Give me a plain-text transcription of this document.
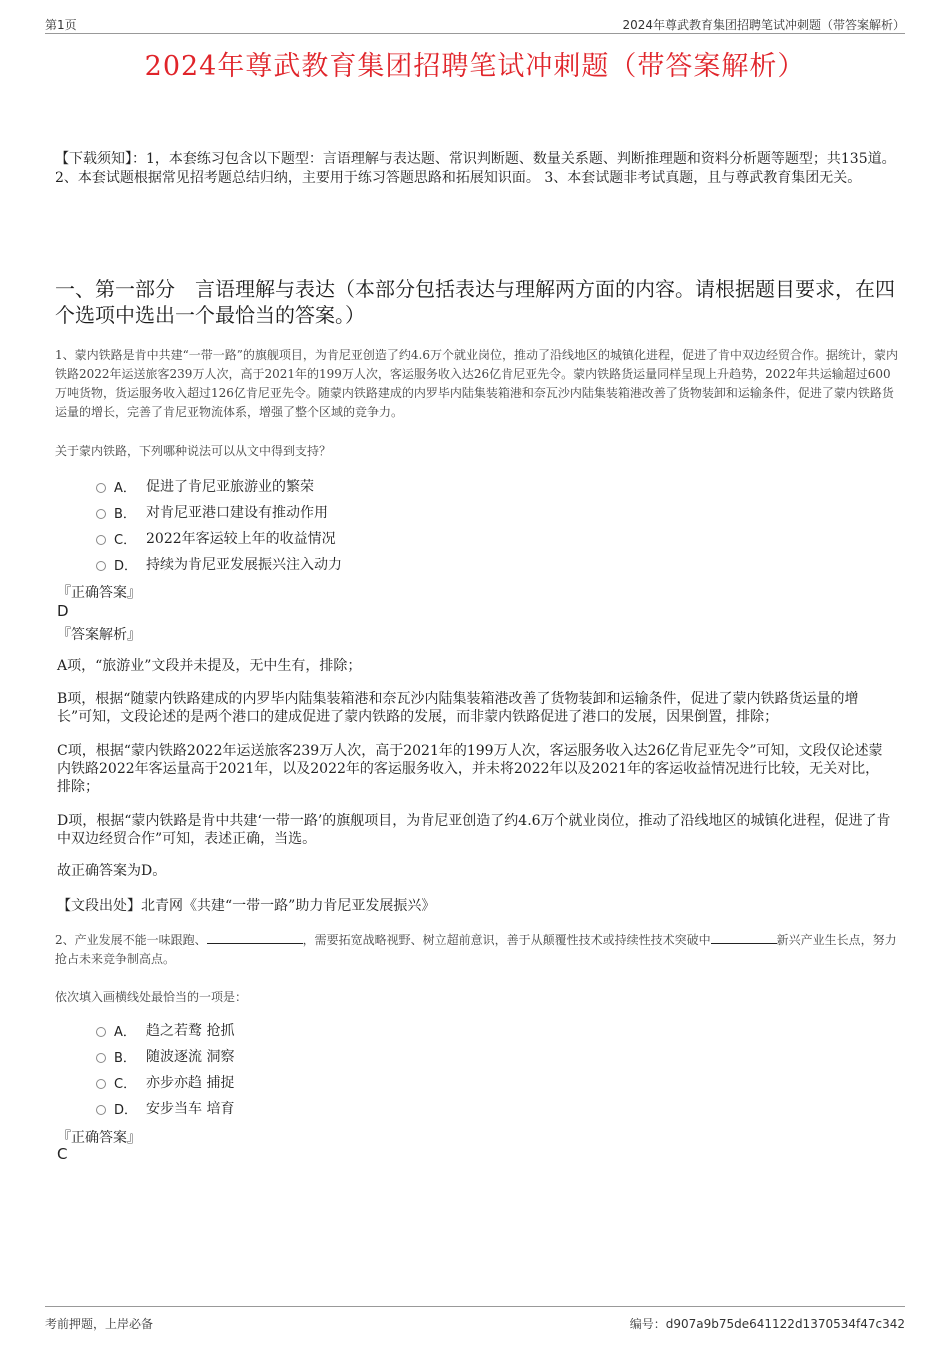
第1页	2024年尊武教育集团招聘笔试冲刺题（带答案解析）
2024年尊武教育集团招聘笔试冲刺题（带答案解析）
【下载须知】：1，本套练习包含以下题型：言语理解与表达题、常识判断题、数量关系题、判断推理题和资料分析题等题型；共135道。 2、本套试题根据常见招考题总结归纳，主要用于练习答题思路和拓展知识面。 3、本套试题非考试真题，且与尊武教育集团无关。
一、第一部分　言语理解与表达（本部分包括表达与理解两方面的内容。请根据题目要求，在四个选项中选出一个最恰当的答案。）
1、蒙内铁路是肯中共建“一带一路”的旗舰项目，为肯尼亚创造了约4.6万个就业岗位，推动了沿线地区的城镇化进程，促进了肯中双边经贸合作。据统计，蒙内铁路2022年运送旅客239万人次，高于2021年的199万人次，客运服务收入达26亿肯尼亚先令。蒙内铁路货运量同样呈现上升趋势，2022年共运输超过600万吨货物，货运服务收入超过126亿肯尼亚先令。随蒙内铁路建成的内罗毕内陆集装箱港和奈瓦沙内陆集装箱港改善了货物装卸和运输条件，促进了蒙内铁路货运量的增长，完善了肯尼亚物流体系，增强了整个区域的竞争力。
关于蒙内铁路，下列哪种说法可以从文中得到支持？
A． 促进了肯尼亚旅游业的繁荣
B． 对肯尼亚港口建设有推动作用
C． 2022年客运较上年的收益情况
D． 持续为肯尼亚发展振兴注入动力
『正确答案』
D
『答案解析』
A项，“旅游业”文段并未提及，无中生有，排除；
B项，根据“随蒙内铁路建成的内罗毕内陆集装箱港和奈瓦沙内陆集装箱港改善了货物装卸和运输条件，促进了蒙内铁路货运量的增长”可知，文段论述的是两个港口的建成促进了蒙内铁路的发展，而非蒙内铁路促进了港口的发展，因果倒置，排除；
C项，根据“蒙内铁路2022年运送旅客239万人次，高于2021年的199万人次，客运服务收入达26亿肯尼亚先令”可知，文段仅论述蒙内铁路2022年客运量高于2021年，以及2022年的客运服务收入，并未将2022年以及2021年的客运收益情况进行比较，无关对比，排除；
D项，根据“蒙内铁路是肯中共建‘一带一路’的旗舰项目，为肯尼亚创造了约4.6万个就业岗位，推动了沿线地区的城镇化进程，促进了肯中双边经贸合作”可知，表述正确，当选。
故正确答案为D。
【文段出处】北青网《共建“一带一路”助力肯尼亚发展振兴》
2、产业发展不能一味跟跑、	，需要拓宽战略视野、树立超前意识，善于从颠覆性技术或持续性技术突破中	新兴产业生长点，努力抢占未来竞争制高点。
依次填入画横线处最恰当的一项是：
A． 趋之若鹜 抢抓
B． 随波逐流 洞察
C． 亦步亦趋 捕捉
D． 安步当车 培育
『正确答案』
C
考前押题，上岸必备	编号：d907a9b75de641122d1370534f47c342
